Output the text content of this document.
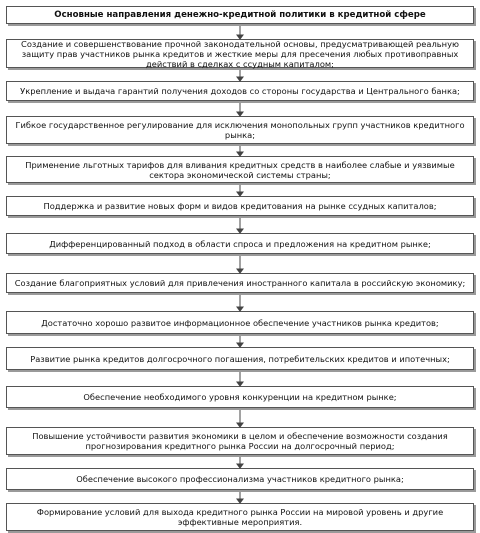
Основные направления денежно-кредитной политики в кредитной сфере
Создание и совершенствование прочной законодательной основы, предусматривающей реальную защиту прав участников рынка кредитов и жесткие меры для пресечения любых противоправных действий в сделках с ссудным капиталом;
Укрепление и выдача гарантий получения доходов со стороны государства и Центрального банка;
Гибкое государственное регулирование для исключения монопольных групп участников кредитного рынка;
Применение льготных тарифов для вливания кредитных средств в наиболее слабые и уязвимые сектора экономической системы страны;
Поддержка и развитие новых форм и видов кредитования на рынке ссудных капиталов;
Дифференцированный подход в области спроса и предложения на кредитном рынке;
Создание благоприятных условий для привлечения иностранного капитала в российскую экономику;
Достаточно хорошо развитое информационное обеспечение участников рынка кредитов;
Развитие рынка кредитов долгосрочного погашения, потребительских кредитов и ипотечных;
Обеспечение необходимого уровня конкуренции на кредитном рынке;
Повышение устойчивости развития экономики в целом и обеспечение возможности создания прогнозирования кредитного рынка России на долгосрочный период;
Обеспечение высокого профессионализма участников кредитного рынка;
Формирование условий для выхода кредитного рынка России на мировой уровень и другие эффективные мероприятия.
